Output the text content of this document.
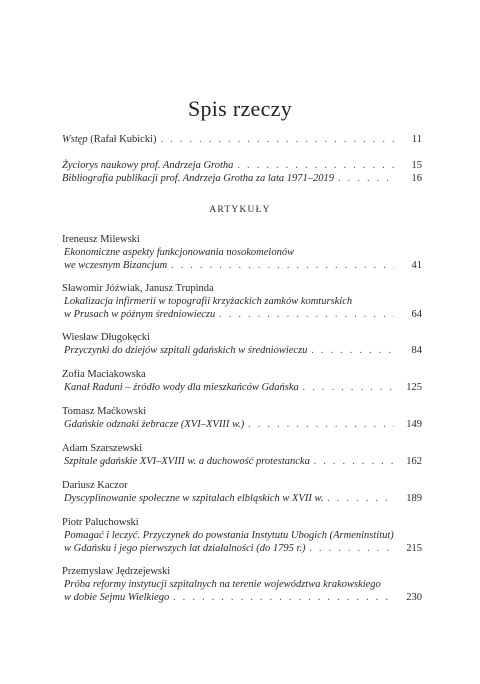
Spis rzeczy
Wstęp (Rafał Kubicki) . . .	11
Życiorys naukowy prof. Andrzeja Grotha . . .	15
Bibliografia publikacji prof. Andrzeja Grotha za lata 1971–2019 . . .	16
ARTYKUŁY
Ireneusz Milewski
Ekonomiczne aspekty funkcjonowania nosokomeionów
we wczesnym Bizancjum . . .	41
Sławomir Jóźwiak, Janusz Trupinda
Lokalizacja infirmerii w topografii krzyżackich zamków komturskich
w Prusach w późnym średniowieczu . . .	64
Wiesław Długokęcki
Przyczynki do dziejów szpitali gdańskich w średniowieczu . . .	84
Zofia Maciakowska
Kanał Raduni – źródło wody dla mieszkańców Gdańska . . .	125
Tomasz Maćkowski
Gdańskie odznaki żebracze (XVI–XVIII w.) . . .	149
Adam Szarszewski
Szpitale gdańskie XVI–XVIII w. a duchowość protestancka . . .	162
Dariusz Kaczor
Dyscyplinowanie społeczne w szpitalach elbląskich w XVII w. . . .	189
Piotr Paluchowski
Pomagać i leczyć. Przyczynek do powstania Instytutu Ubogich (Armeninstitut)
w Gdańsku i jego pierwszych lat działalności (do 1795 r.) . . .	215
Przemysław Jędrzejewski
Próba reformy instytucji szpitalnych na terenie województwa krakowskiego
w dobie Sejmu Wielkiego . . .	230
